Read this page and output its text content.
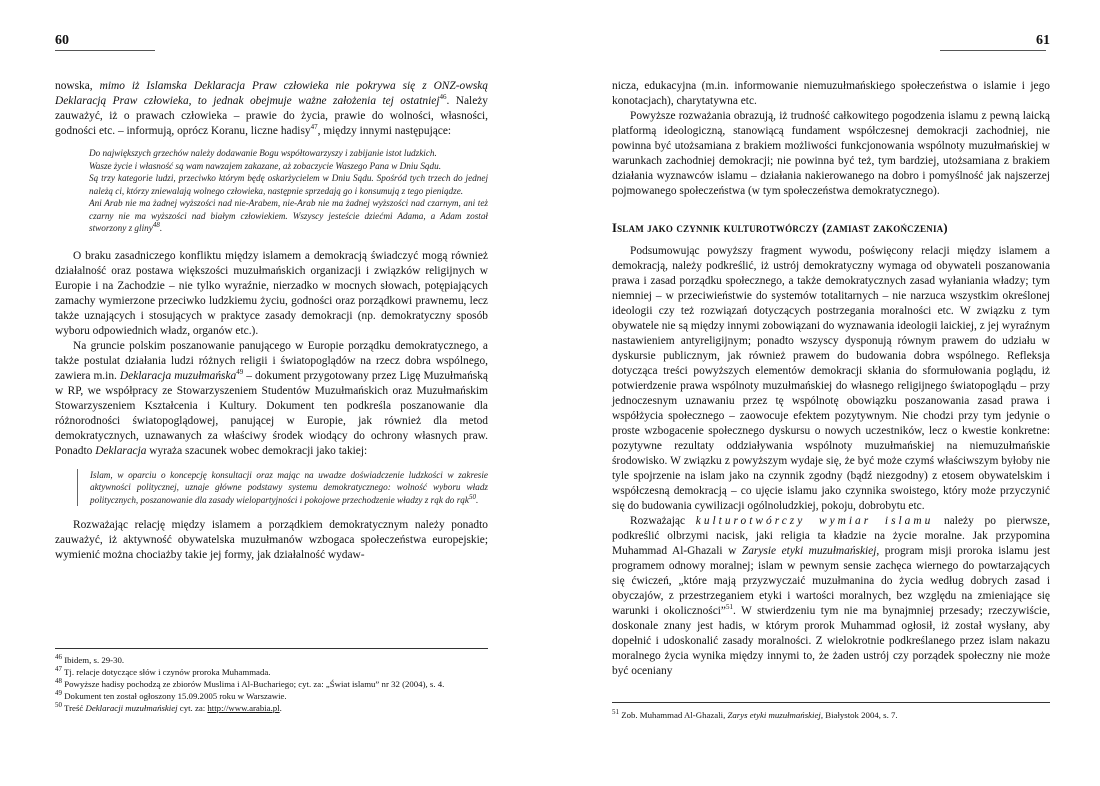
60

nowska, mimo iż Islamska Deklaracja Praw człowieka nie pokrywa się z ONZ-owską Deklaracją Praw człowieka, to jednak obejmuje ważne założenia tej ostatniej$^{46}$. Należy zauważyć, iż o prawach człowieka – prawie do życia, prawie do wolności, własności, godności etc. – informują, oprócz Koranu, liczne hadisy$^{47}$, między innymi następujące:

Do największych grzechów należy dodawanie Bogu współtowarzyszy i zabijanie istot ludzkich.

Wasze życie i własność są wam nawzajem zakazane, aż zobaczycie Waszego Pana w Dniu Sądu.

Są trzy kategorie ludzi, przeciwko którym będę oskarżycielem w Dniu Sądu. Spośród tych trzech do jednej należą ci, którzy zniewalają wolnego człowieka, następnie sprzedają go i konsumują z tego pieniądze.

Ani Arab nie ma żadnej wyższości nad nie-Arabem, nie-Arab nie ma żadnej wyższości nad czarnym, ani też czarny nie ma wyższości nad białym człowiekiem. Wszyscy jesteście dziećmi Adama, a Adam został stworzony z gliny$^{48}$.

O braku zasadniczego konfliktu między islamem a demokracją świadczyć mogą również działalność oraz postawa większości muzułmańskich organizacji i związków religijnych w Europie i na Zachodzie – nie tylko wyraźnie, nierzadko w mocnych słowach, potępiających zamachy wymierzone przeciwko ludzkiemu życiu, godności oraz porządkowi prawnemu, lecz także uznających i stosujących w praktyce zasady demokracji (np. demokratyczny sposób wyboru odpowiednich władz, organów etc.).

Na gruncie polskim poszanowanie panującego w Europie porządku demokratycznego, a także postulat działania ludzi różnych religii i światopoglądów na rzecz dobra wspólnego, zawiera m.in. Deklaracja muzułmańska$^{49}$ – dokument przygotowany przez Ligę Muzułmańską w RP, we współpracy ze Stowarzyszeniem Studentów Muzułmańskich oraz Muzułmańskim Stowarzyszeniem Kształcenia i Kultury. Dokument ten podkreśla poszanowanie dla różnorodności światopoglądowej, panującej w Europie, jak również dla metod demokratycznych, uznawanych za właściwy środek wiodący do ochrony własnych praw. Ponadto Deklaracja wyraża szacunek wobec demokracji jako takiej:

Islam, w oparciu o koncepcję konsultacji oraz mając na uwadze doświadczenie ludzkości w zakresie aktywności politycznej, uznaje główne podstawy systemu demokratycznego: wolność wyboru władz politycznych, poszanowanie dla zasady wielopartyjności i pokojowe przechodzenie władzy z rąk do rąk$^{50}$.

Rozważając relację między islamem a porządkiem demokratycznym należy ponadto zauważyć, iż aktywność obywatelska muzułmanów wzbogaca społeczeństwa europejskie; wymienić można chociażby takie jej formy, jak działalność wydaw-

$^{46}$ Ibidem, s. 29-30.

$^{47}$ Tj. relacje dotyczące słów i czynów proroka Muhammada.

$^{48}$ Powyższe hadisy pochodzą ze zbiorów Muslima i Al-Buchariego; cyt. za: „Świat islamu” nr 32 (2004), s. 4.

$^{49}$ Dokument ten został ogłoszony 15.09.2005 roku w Warszawie.

$^{50}$ Treść Deklaracji muzułmańskiej cyt. za: http://www.arabia.pl.

61

nicza, edukacyjna (m.in. informowanie niemuzułmańskiego społeczeństwa o islamie i jego konotacjach), charytatywna etc.

Powyższe rozważania obrazują, iż trudność całkowitego pogodzenia islamu z pewną laicką platformą ideologiczną, stanowiącą fundament współczesnej demokracji zachodniej, nie powinna być utożsamiana z brakiem możliwości funkcjonowania wspólnoty muzułmańskiej w warunkach zachodniej demokracji; nie powinna być też, tym bardziej, utożsamiana z brakiem działania wyznawców islamu – działania nakierowanego na dobro i pomyślność jak najszerzej pojmowanego społeczeństwa (w tym społeczeństwa demokratycznego).

Islam jako czynnik kulturotwórczy (zamiast zakończenia)

Podsumowując powyższy fragment wywodu, poświęcony relacji między islamem a demokracją, należy podkreślić, iż ustrój demokratyczny wymaga od obywateli poszanowania prawa i zasad porządku społecznego, a także demokratycznych zasad wyłaniania władzy; tym niemniej – w przeciwieństwie do systemów totalitarnych – nie narzuca wszystkim określonej ideologii czy też rozwiązań dotyczących postrzegania moralności etc. W związku z tym obywatele nie są między innymi zobowiązani do wyznawania ideologii laickiej, z jej wyraźnym nastawieniem antyreligijnym; ponadto wszyscy dysponują równym prawem do udziału w dyskursie publicznym, jak również prawem do budowania dobra wspólnego. Refleksja dotycząca treści powyższych elementów demokracji skłania do sformułowania poglądu, iż potwierdzenie prawa wspólnoty muzułmańskiej do własnego religijnego światopoglądu – przy jednoczesnym uznawaniu przez tę wspólnotę obowiązku poszanowania zasad prawa i współżycia społecznego – zaowocuje efektem pozytywnym. Nie chodzi przy tym jedynie o proste wzbogacenie społecznego dyskursu o nowych uczestników, lecz o kwestie konkretne: pozytywne rezultaty oddziaływania wspólnoty muzułmańskiej na niemuzułmańskie środowisko. W związku z powyższym wydaje się, że być może czymś właściwszym byłoby nie tyle spojrzenie na islam jako na czynnik zgodny (bądź niezgodny) z etosem obywatelskim i współczesną demokracją – co ujęcie islamu jako czynnika swoistego, który może przyczynić się do budowania cywilizacji ogólnoludzkiej, pokoju, dobrobytu etc.

Rozważając kulturotwórczy wymiar islamu należy po pierwsze, podkreślić olbrzymi nacisk, jaki religia ta kładzie na życie moralne. Jak przypomina Muhammad Al-Ghazali w Zarysie etyki muzułmańskiej, program misji proroka islamu jest programem odnowy moralnej; islam w pewnym sensie zachęca wiernego do powtarzających się ćwiczeń, „które mają przyzwyczaić muzułmanina do życia według dobrych zasad i obyczajów, z przestrzeganiem etyki i wartości moralnych, bez względu na zmieniające się warunki i okoliczności”$^{51}$. W stwierdzeniu tym nie ma bynajmniej przesady; rzeczywiście, doskonale znany jest hadis, w którym prorok Muhammad ogłosił, iż został wysłany, aby dopełnić i udoskonalić zasady moralności. Z wielokrotnie podkreślanego przez islam nakazu moralnego życia wynika między innymi to, że żaden ustrój czy porządek społeczny nie może być oceniany

$^{51}$ Zob. Muhammad Al-Ghazali, Zarys etyki muzułmańskiej, Białystok 2004, s. 7.
